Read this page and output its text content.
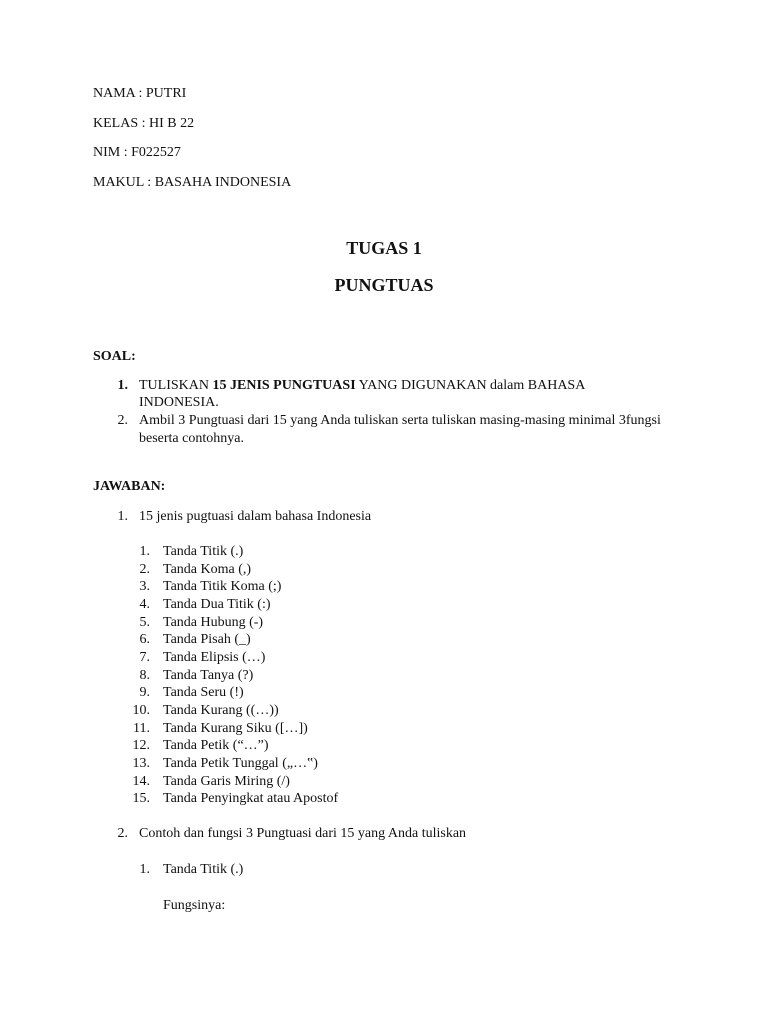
NAMA : PUTRI
KELAS : HI B 22
NIM : F022527
MAKUL : BASAHA INDONESIA
TUGAS 1
PUNGTUAS
SOAL:
1. TULISKAN 15 JENIS PUNGTUASI YANG DIGUNAKAN dalam BAHASA
INDONESIA.
2. Ambil 3 Pungtuasi dari 15 yang Anda tuliskan serta tuliskan masing-masing minimal 3fungsi
beserta contohnya.
JAWABAN:
1. 15 jenis pugtuasi dalam bahasa Indonesia
1. Tanda Titik (.)
2. Tanda Koma (,)
3. Tanda Titik Koma (;)
4. Tanda Dua Titik (:)
5. Tanda Hubung (-)
6. Tanda Pisah (_)
7. Tanda Elipsis (…)
8. Tanda Tanya (?)
9. Tanda Seru (!)
10. Tanda Kurang ((…))
11. Tanda Kurang Siku ([…])
12. Tanda Petik (“…”)
13. Tanda Petik Tunggal („…‟)
14. Tanda Garis Miring (/)
15. Tanda Penyingkat atau Apostof
2. Contoh dan fungsi 3 Pungtuasi dari 15 yang Anda tuliskan
1. Tanda Titik (.)
Fungsinya:
